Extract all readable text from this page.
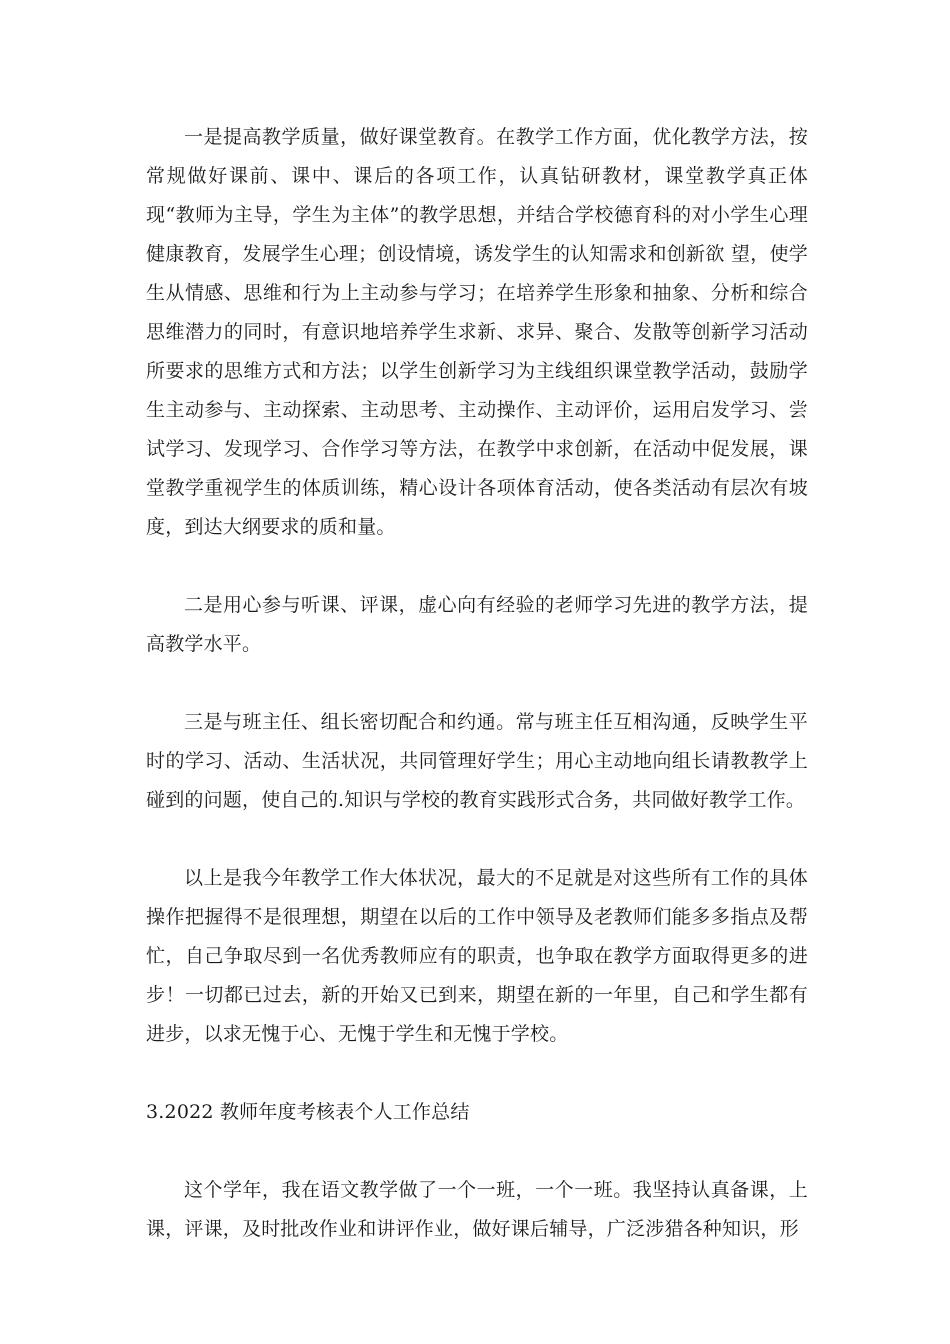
一是提高教学质量，做好课堂教育。在教学工作方面，优化教学方法，按常规做好课前、课中、课后的各项工作，认真钻研教材，课堂教学真正体现“教师为主导，学生为主体”的教学思想，并结合学校德育科的对小学生心理健康教育，发展学生心理；创设情境，诱发学生的认知需求和创新欲 望，使学生从情感、思维和行为上主动参与学习；在培养学生形象和抽象、分析和综合思维潜力的同时，有意识地培养学生求新、求异、聚合、发散等创新学习活动所要求的思维方式和方法；以学生创新学习为主线组织课堂教学活动，鼓励学生主动参与、主动探索、主动思考、主动操作、主动评价，运用启发学习、尝试学习、发现学习、合作学习等方法，在教学中求创新，在活动中促发展，课堂教学重视学生的体质训练，精心设计各项体育活动，使各类活动有层次有坡度，到达大纲要求的质和量。

二是用心参与听课、评课，虚心向有经验的老师学习先进的教学方法，提高教学水平。

三是与班主任、组长密切配合和约通。常与班主任互相沟通，反映学生平时的学习、活动、生活状况，共同管理好学生；用心主动地向组长请教教学上碰到的问题，使自己的.知识与学校的教育实践形式合务，共同做好教学工作。

以上是我今年教学工作大体状况，最大的不足就是对这些所有工作的具体操作把握得不是很理想，期望在以后的工作中领导及老教师们能多多指点及帮忙，自己争取尽到一名优秀教师应有的职责，也争取在教学方面取得更多的进步！一切都已过去，新的开始又已到来，期望在新的一年里，自己和学生都有进步，以求无愧于心、无愧于学生和无愧于学校。

3.2022 教师年度考核表个人工作总结

这个学年，我在语文教学做了一个一班，一个一班。我坚持认真备课，上课，评课，及时批改作业和讲评作业，做好课后辅导，广泛涉猎各种知识，形
